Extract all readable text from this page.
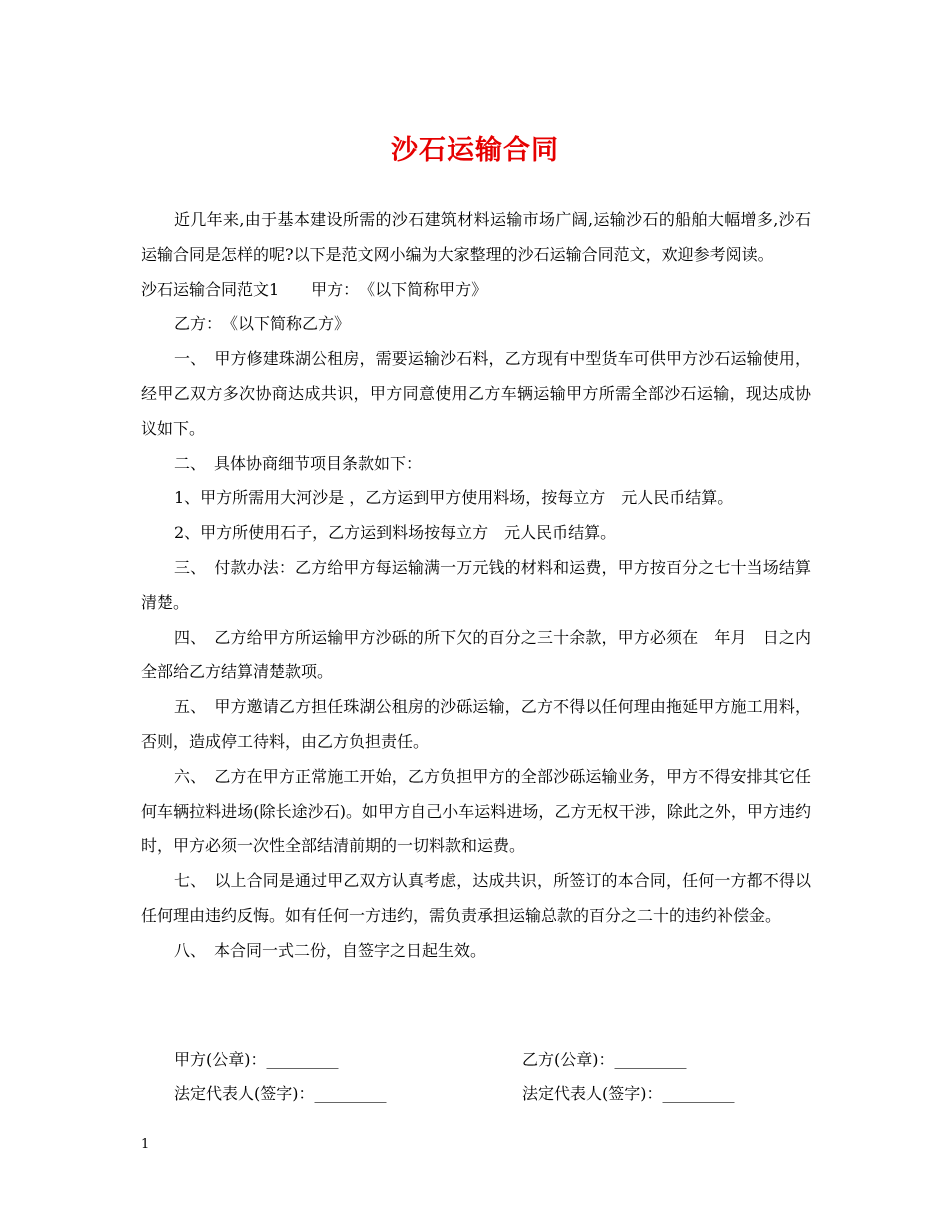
沙石运输合同

近几年来,由于基本建设所需的沙石建筑材料运输市场广阔,运输沙石的船舶大幅增多,沙石运输合同是怎样的呢?以下是范文网小编为大家整理的沙石运输合同范文，欢迎参考阅读。

沙石运输合同范文1　　甲方：　《以下简称甲方》

乙方：　《以下简称乙方》

一、　甲方修建珠湖公租房，需要运输沙石料，乙方现有中型货车可供甲方沙石运输使用，经甲乙双方多次协商达成共识，甲方同意使用乙方车辆运输甲方所需全部沙石运输，现达成协议如下。

二、　具体协商细节项目条款如下：

1、甲方所需用大河沙是 ，乙方运到甲方使用料场，按每立方　元人民币结算。

2、甲方所使用石子，乙方运到料场按每立方　元人民币结算。

三、　付款办法：乙方给甲方每运输满一万元钱的材料和运费，甲方按百分之七十当场结算清楚。

四、　乙方给甲方所运输甲方沙砾的所下欠的百分之三十余款，甲方必须在　年月　日之内全部给乙方结算清楚款项。

五、　甲方邀请乙方担任珠湖公租房的沙砾运输，乙方不得以任何理由拖延甲方施工用料，否则，造成停工待料，由乙方负担责任。

六、　乙方在甲方正常施工开始，乙方负担甲方的全部沙砾运输业务，甲方不得安排其它任何车辆拉料进场(除长途沙石)。如甲方自己小车运料进场，乙方无权干涉，除此之外，甲方违约时，甲方必须一次性全部结清前期的一切料款和运费。

七、　以上合同是通过甲乙双方认真考虑，达成共识，所签订的本合同，任何一方都不得以任何理由违约反悔。如有任何一方违约，需负责承担运输总款的百分之二十的违约补偿金。

八、　本合同一式二份，自签字之日起生效。

甲方(公章)：_________	乙方(公章)：_________
法定代表人(签字)：_________	法定代表人(签字)：_________
1
